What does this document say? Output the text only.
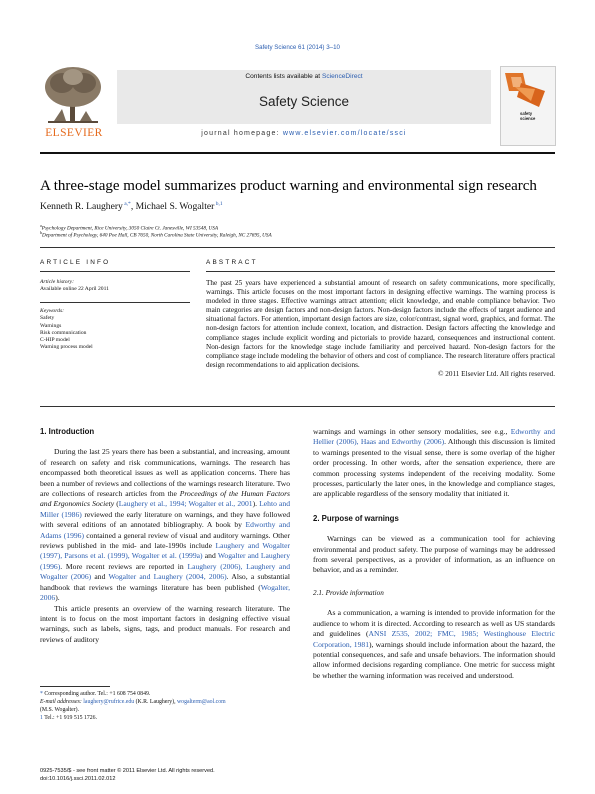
Safety Science 61 (2014) 3–10
ELSEVIER
Contents lists available at ScienceDirect
Safety Science
journal homepage: www.elsevier.com/locate/ssci
safety
science
A three-stage model summarizes product warning and environmental sign research
Kenneth R. Laughery $^{a,*}$, Michael S. Wogalter $^{b,1}$
$^a$Psychology Department, Rice University, 3050 Claire Ct. Janesville, WI 53548, USA
$^b$Department of Psychology, 640 Poe Hall, CB 7650, North Carolina State University, Raleigh, NC 27695, USA
ARTICLE INFO
Article history:
Available online 22 April 2011
Keywords:
Safety
Warnings
Risk communication
C-HIP model
Warning process model
ABSTRACT
The past 25 years have experienced a substantial amount of research on safety communications, more specifically, warnings. This article focuses on the most important factors in designing effective warnings. The warning process is modeled in three stages. Effective warnings attract attention; elicit knowledge, and enable compliance behavior. Two main categories are design factors and non-design factors. Non-design factors include the effects of target audience and situational factors. For attention, important design factors are size, color/contrast, signal word, graphics, and format. The non-design factors for attention include context, location, and distraction. Design factors affecting the knowledge and compliance stages include explicit wording and pictorials to provide hazard, consequences and instructional content. Non-design factors for the knowledge stage include familiarity and perceived hazard. Non-design factors for the compliance stage include modeling the behavior of others and cost of compliance. The research literature offers practical design recommendations to aid application decisions.
© 2011 Elsevier Ltd. All rights reserved.
1. Introduction

During the last 25 years there has been a substantial, and increasing, amount of research on safety and risk communications, warnings. The research has encompassed both theoretical issues as well as application concerns. There has been a number of reviews and collections of the warnings research literature. Two are collections of research articles from the Proceedings of the Human Factors and Ergonomics Society (Laughery et al., 1994; Wogalter et al., 2001). Lehto and Miller (1986) reviewed the early literature on warnings, and they have followed with several editions of an annotated bibliography. A book by Edworthy and Adams (1996) contained a general review of visual and auditory warnings. Other reviews published in the mid- and late-1990s include Laughery and Wogalter (1997), Parsons et al. (1999), Wogalter et al. (1999a) and Wogalter and Laughery (1996). More recent reviews are reported in Laughery (2006), Laughery and Wogalter (2006) and Wogalter and Laughery (2004, 2006). Also, a substantial handbook that reviews the warnings literature has been published (Wogalter, 2006).

This article presents an overview of the warning research literature. The intent is to focus on the most important factors in designing effective visual warnings, such as labels, signs, tags, and product manuals. For research and reviews of auditory

* Corresponding author. Tel.: +1 608 754 0849.
E-mail addresses: laughery@rufrice.edu (K.R. Laughery), wogalterm@aol.com
(M.S. Wogalter).
1 Tel.: +1 919 515 1726.
0925-7535/$ - see front matter © 2011 Elsevier Ltd. All rights reserved.
doi:10.1016/j.ssci.2011.02.012
warnings and warnings in other sensory modalities, see e.g., Edworthy and Hellier (2006), Haas and Edworthy (2006). Although this discussion is limited to warnings presented to the visual sense, there is some overlap of the higher order processing. In other words, after the sensation experience, there are common processing systems independent of the receiving modality. Some processes, particularly the later ones, in the knowledge and compliance stages, are applicable regardless of the sensory modality that initiated it.
2. Purpose of warnings

Warnings can be viewed as a communication tool for achieving environmental and product safety. The purpose of warnings may be addressed from several perspectives, as a provider of information, as an influence on behavior, and as a reminder.

2.1. Provide information

As a communication, a warning is intended to provide information for the audience to whom it is directed. According to research as well as US standards and guidelines (ANSI Z535, 2002; FMC, 1985; Westinghouse Electric Corporation, 1981), warnings should include information about the hazard, the potential consequences, and safe and unsafe behaviors. The information should allow informed decisions regarding compliance. One metric for success might be whether the warning information was received and understood.
